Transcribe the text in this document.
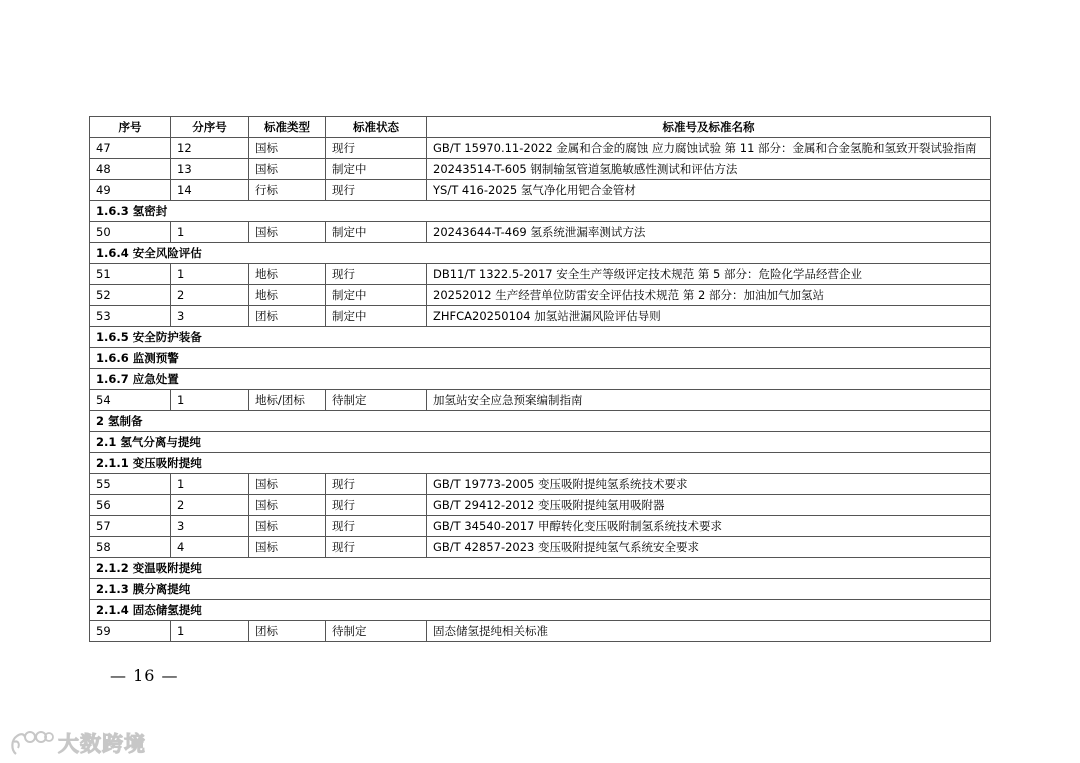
序号	分序号	标准类型	标准状态	标准号及标准名称
47	12	国标	现行	GB/T 15970.11-2022 金属和合金的腐蚀 应力腐蚀试验 第 11 部分：金属和合金氢脆和氢致开裂试验指南
48	13	国标	制定中	20243514-T-605 钢制输氢管道氢脆敏感性测试和评估方法
49	14	行标	现行	YS/T 416-2025 氢气净化用钯合金管材
1.6.3 氢密封				
50	1	国标	制定中	20243644-T-469 氢系统泄漏率测试方法
1.6.4 安全风险评估				
51	1	地标	现行	DB11/T 1322.5-2017 安全生产等级评定技术规范 第 5 部分：危险化学品经营企业
52	2	地标	制定中	20252012 生产经营单位防雷安全评估技术规范 第 2 部分：加油加气加氢站
53	3	团标	制定中	ZHFCA20250104 加氢站泄漏风险评估导则
1.6.5 安全防护装备				
1.6.6 监测预警				
1.6.7 应急处置				
54	1	地标/团标	待制定	加氢站安全应急预案编制指南
2 氢制备				
2.1 氢气分离与提纯				
2.1.1 变压吸附提纯				
55	1	国标	现行	GB/T 19773-2005 变压吸附提纯氢系统技术要求
56	2	国标	现行	GB/T 29412-2012 变压吸附提纯氢用吸附器
57	3	国标	现行	GB/T 34540-2017 甲醇转化变压吸附制氢系统技术要求
58	4	国标	现行	GB/T 42857-2023 变压吸附提纯氢气系统安全要求
2.1.2 变温吸附提纯				
2.1.3 膜分离提纯				
2.1.4 固态储氢提纯				
59	1	团标	待制定	固态储氢提纯相关标准
— 16 —
大数跨境
